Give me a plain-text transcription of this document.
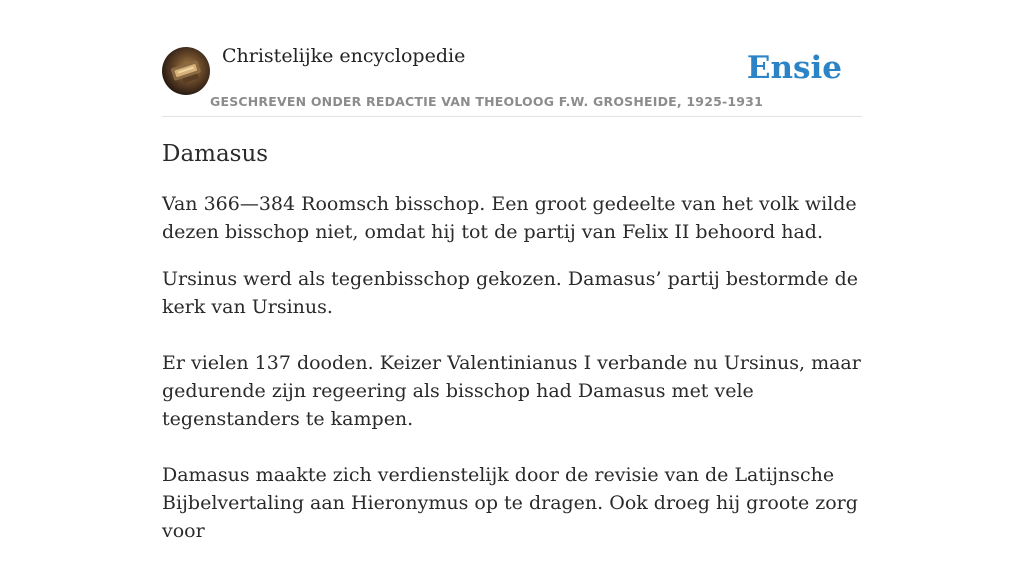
Christelijke encyclopedie
GESCHREVEN ONDER REDACTIE VAN THEOLOOG F.W. GROSHEIDE, 1925-1931
Ensie
Damasus

Van 366—384 Roomsch bisschop. Een groot gedeelte van het volk wilde dezen bisschop niet, omdat hij tot de partij van Felix II behoord had.

Ursinus werd als tegenbisschop gekozen. Damasus’ partij bestormde de kerk van Ursinus.

Er vielen 137 dooden. Keizer Valentinianus I verbande nu Ursinus, maar gedurende zijn regeering als bisschop had Damasus met vele tegenstanders te kampen.

Damasus maakte zich verdienstelijk door de revisie van de Latijnsche Bijbelvertaling aan Hieronymus op te dragen. Ook droeg hij groote zorg voor
